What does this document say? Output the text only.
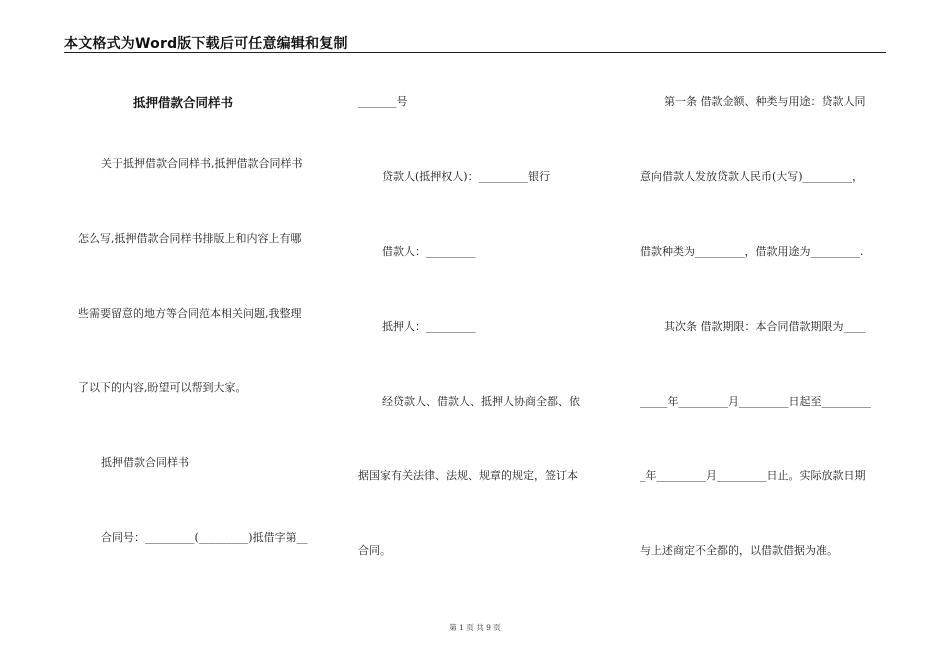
本文格式为Word版下载后可任意编辑和复制
抵押借款合同样书
关于抵押借款合同样书,抵押借款合同样书
怎么写,抵押借款合同样书排版上和内容上有哪
些需要留意的地方等合同范本相关问题,我整理
了以下的内容,盼望可以帮到大家。
抵押借款合同样书
合同号：_________(_________)抵借字第__
_______号
贷款人(抵押权人)：_________银行
借款人：_________
抵押人：_________
经贷款人、借款人、抵押人协商全都、依
据国家有关法律、法规、规章的规定，签订本
合同。
第一条 借款金额、种类与用途：贷款人同
意向借款人发放贷款人民币(大写)_________，
借款种类为_________，借款用途为_________.
其次条 借款期限：本合同借款期限为____
_____年_________月_________日起至_________
_年_________月_________日止。实际放款日期
与上述商定不全都的，以借款借据为准。
第 1 页 共 9 页
